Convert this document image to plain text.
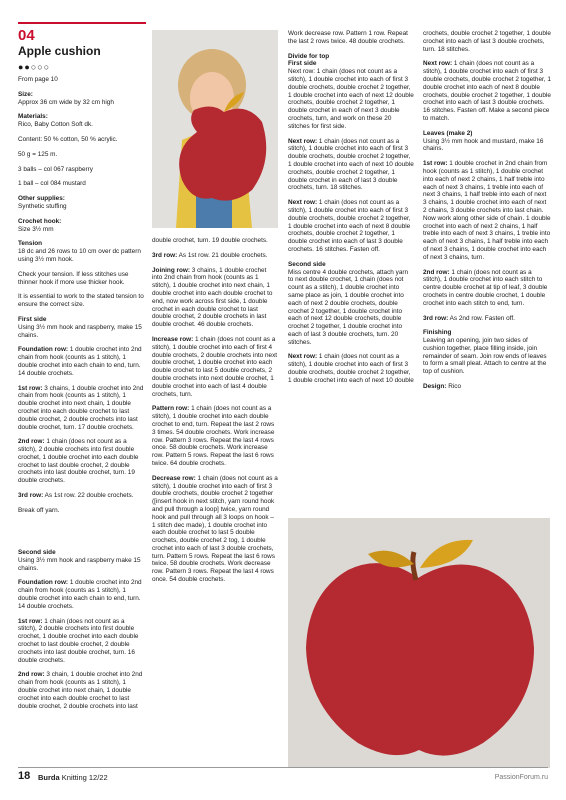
04
Apple cushion
●●○○○

From page 10

Size:

Approx 36 cm wide by 32 cm high

Materials:

Rico, Baby Cotton Soft dk.

Content: 50 % cotton, 50 % acrylic.

50 g = 125 m.

3 balls – col 067 raspberry

1 ball – col 084 mustard

Other supplies:

Synthetic stuffing

Crochet hook:

Size 3½ mm

Tension

18 dc and 26 rows to 10 cm over dc pattern using 3½ mm hook.

Check your tension. If less stitches use thinner hook if more use thicker hook.

It is essential to work to the stated tension to ensure the correct size.

First side

Using 3½ mm hook and raspberry, make 15 chains.

Foundation row: 1 double crochet into 2nd chain from hook (counts as 1 stitch), 1 double crochet into each chain to end, turn. 14 double crochets.

1st row: 3 chains, 1 double crochet into 2nd chain from hook (counts as 1 stitch), 1 double crochet into next chain, 1 double crochet into each double crochet to last double crochet, 2 double crochets into last double crochet, turn. 17 double crochets.

2nd row: 1 chain (does not count as a stitch), 2 double crochets into first double crochet, 1 double crochet into each double crochet to last double crochet, 2 double crochets into last double crochet, turn. 19 double crochets.

3rd row: As 1st row. 22 double crochets.

Break off yarn.

Second side

Using 3½ mm hook and raspberry make 15 chains.

Foundation row: 1 double crochet into 2nd chain from hook (counts as 1 stitch), 1 double crochet into each chain to end, turn. 14 double crochets.

1st row: 1 chain (does not count as a stitch), 2 double crochets into first double crochet, 1 double crochet into each double crochet to last double crochet, 2 double crochets into last double crochet, turn. 16 double crochets.

2nd row: 3 chain, 1 double crochet into 2nd chain from hook (counts as 1 stitch), 1 double crochet into next chain, 1 double crochet into each double crochet to last double crochet, 2 double crochets into last

double crochet, turn. 19 double crochets.

3rd row: As 1st row. 21 double crochets.

Joining row: 3 chains, 1 double crochet into 2nd chain from hook (counts as 1 stitch), 1 double crochet into next chain, 1 double crochet into each double crochet to end, now work across first side, 1 double crochet in each double crochet to last double crochet, 2 double crochets in last double crochet. 46 double crochets.

Increase row: 1 chain (does not count as a stitch), 1 double crochet into each of first 4 double crochets, 2 double crochets into next double crochet, 1 double crochet into each double crochet to last 5 double crochets, 2 double crochets into next double crochet, 1 double crochet into each of last 4 double crochets, turn.

Pattern row: 1 chain (does not count as a stitch), 1 double crochet into each double crochet to end, turn. Repeat the last 2 rows 3 times. 54 double crochets. Work increase row. Pattern 3 rows. Repeat the last 4 rows once. 58 double crochets. Work increase row. Pattern 5 rows. Repeat the last 6 rows twice. 64 double crochets.

Decrease row: 1 chain (does not count as a stitch), 1 double crochet into each of first 3 double crochets, double crochet 2 together ([insert hook in next stitch, yarn round hook and pull through a loop] twice, yarn round hook and pull through all 3 loops on hook – 1 stitch dec made), 1 double crochet into each double crochet to last 5 double crochets, double crochet 2 tog, 1 double crochet into each of last 3 double crochets, turn. Pattern 5 rows. Repeat the last 6 rows twice. 58 double crochets. Work decrease row. Pattern 3 rows. Repeat the last 4 rows once. 54 double crochets.

Work decrease row. Pattern 1 row. Repeat the last 2 rows twice. 48 double crochets.

Divide for top
First side

Next row: 1 chain (does not count as a stitch), 1 double crochet into each of first 3 double crochets, double crochet 2 together, 1 double crochet into each of next 12 double crochets, double crochet 2 together, 1 double crochet in each of next 3 double crochets, turn, and work on these 20 stitches for first side.

Next row: 1 chain (does not count as a stitch), 1 double crochet into each of first 3 double crochets, double crochet 2 together, 1 double crochet into each of next 10 double crochets, double crochet 2 together, 1 double crochet in each of last 3 double crochets, turn. 18 stitches.

Next row: 1 chain (does not count as a stitch), 1 double crochet into each of first 3 double crochets, double crochet 2 together, 1 double crochet into each of next 8 double crochets, double crochet 2 together, 1 double crochet into each of last 3 double crochets. 16 stitches. Fasten off.

Second side

Miss centre 4 double crochets, attach yarn to next double crochet, 1 chain (does not count as a stitch), 1 double crochet into same place as join, 1 double crochet into each of next 2 double crochets, double crochet 2 together, 1 double crochet into each of next 12 double crochets, double crochet 2 together, 1 double crochet into each of last 3 double crochets, turn. 20 stitches.

Next row: 1 chain (does not count as a stitch), 1 double crochet into each of first 3 double crochets, double crochet 2 together, 1 double crochet into each of next 10 double

crochets, double crochet 2 together, 1 double crochet into each of last 3 double crochets, turn. 18 stitches.

Next row: 1 chain (does not count as a stitch), 1 double crochet into each of first 3 double crochets, double crochet 2 together, 1 double crochet into each of next 8 double crochets, double crochet 2 together, 1 double crochet into each of last 3 double crochets. 16 stitches. Fasten off. Make a second piece to match.

Leaves (make 2)

Using 3½ mm hook and mustard, make 16 chains.

1st row: 1 double crochet in 2nd chain from hook (counts as 1 stitch), 1 double crochet into each of next 2 chains, 1 half treble into each of next 3 chains, 1 treble into each of next 3 chains, 1 half treble into each of next 3 chains, 1 double crochet into each of next 2 chains, 3 double crochets into last chain. Now work along other side of chain. 1 double crochet into each of next 2 chains, 1 half treble into each of next 3 chains, 1 treble into each of next 3 chains, 1 half treble into each of next 3 chains, 1 double crochet into each of next 3 chains, turn.

2nd row: 1 chain (does not count as a stitch), 1 double crochet into each stitch to centre double crochet at tip of leaf, 3 double crochets in centre double crochet, 1 double crochet into each stitch to end, turn.

3rd row: As 2nd row. Fasten off.

Finishing

Leaving an opening, join two sides of cushion together, place filling inside, join remainder of seam. Join row ends of leaves to form a small pleat. Attach to centre at the top of cushion.

Design: Rico

18 Burda Knitting 12/22	PassionForum.ru
